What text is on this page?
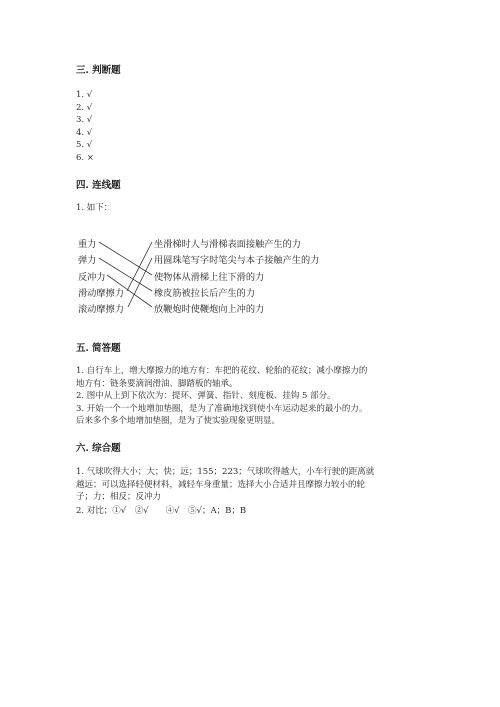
三. 判断题
1. √
2. √
3. √
4. √
5. √
6. ×
四. 连线题
1. 如下：
重力
弹力
反冲力
滑动摩擦力
滚动摩擦力
坐滑梯时人与滑梯表面接触产生的力
用圆珠笔写字时笔尖与本子接触产生的力
使物体从滑梯上往下滑的力
橡皮筋被拉长后产生的力
放鞭炮时使鞭炮向上冲的力
五. 简答题
1. 自行车上，增大摩擦力的地方有：车把的花纹、轮胎的花纹；减小摩擦力的
地方有：链条要滴润滑油、脚踏板的轴承。
2. 图中从上到下依次为：提环、弹簧、指针、刻度板、挂钩 5 部分。
3. 开始一个一个地增加垫圈，是为了准确地找到使小车运动起来的最小的力。
后来多个多个地增加垫圈，是为了使实验现象更明显。
六. 综合题
1. 气球吹得大小；大；快；远；155；223；气球吹得越大，小车行驶的距离就
越远；可以选择轻便材料，减轻车身重量；选择大小合适并且摩擦力较小的轮
子；力；相反；反冲力
2. 对比；①√　②√　　④√　⑤√；A；B；B
